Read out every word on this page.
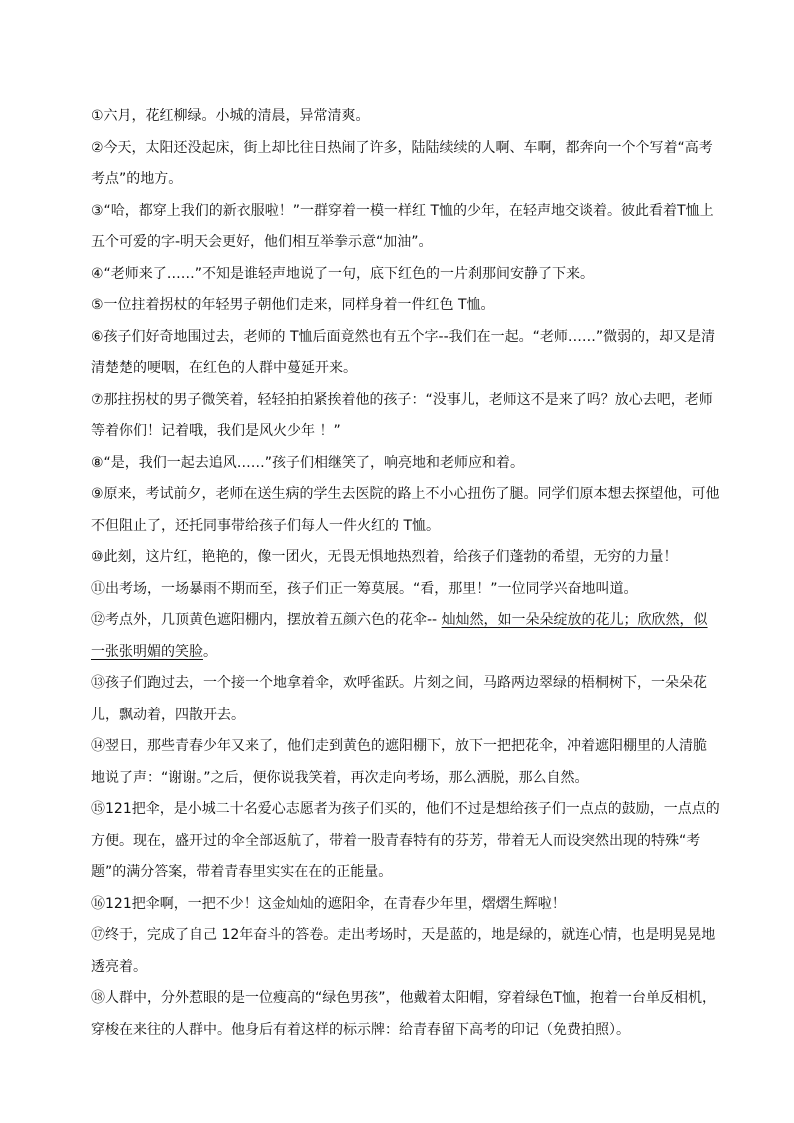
①六月，花红柳绿。小城的清晨，异常清爽。

②今天，太阳还没起床，街上却比往日热闹了许多，陆陆续续的人啊、车啊，都奔向一个个写着“高考考点”的地方。

③“哈，都穿上我们的新衣服啦！”一群穿着一模一样红 T恤的少年，在轻声地交谈着。彼此看着T恤上五个可爱的字-明天会更好，他们相互举拳示意“加油”。

④“老师来了……”不知是谁轻声地说了一句，底下红色的一片刹那间安静了下来。

⑤一位拄着拐杖的年轻男子朝他们走来，同样身着一件红色 T恤。

⑥孩子们好奇地围过去，老师的 T恤后面竟然也有五个字--我们在一起。“老师……”微弱的，却又是清清楚楚的哽咽，在红色的人群中蔓延开来。

⑦那拄拐杖的男子微笑着，轻轻拍拍紧挨着他的孩子：“没事儿，老师这不是来了吗？放心去吧，老师等着你们！记着哦，我们是风火少年 ！”

⑧“是，我们一起去追风……”孩子们相继笑了，响亮地和老师应和着。

⑨原来，考试前夕，老师在送生病的学生去医院的路上不小心扭伤了腿。同学们原本想去探望他，可他不但阻止了，还托同事带给孩子们每人一件火红的 T恤。

⑩此刻，这片红，艳艳的，像一团火，无畏无惧地热烈着，给孩子们蓬勃的希望，无穷的力量！

⑪出考场，一场暴雨不期而至，孩子们正一筹莫展。“看，那里！”一位同学兴奋地叫道。

⑫考点外，几顶黄色遮阳棚内，摆放着五颜六色的花伞-- 灿灿然，如一朵朵绽放的花儿；欣欣然，似一张张明媚的笑脸。

⑬孩子们跑过去，一个接一个地拿着伞，欢呼雀跃。片刻之间，马路两边翠绿的梧桐树下，一朵朵花儿，飘动着，四散开去。

⑭翌日，那些青春少年又来了，他们走到黄色的遮阳棚下，放下一把把花伞，冲着遮阳棚里的人清脆地说了声：“谢谢。”之后，便你说我笑着，再次走向考场，那么洒脱，那么自然。

⑮121把伞，是小城二十名爱心志愿者为孩子们买的，他们不过是想给孩子们一点点的鼓励，一点点的方便。现在，盛开过的伞全部返航了，带着一股青春特有的芬芳，带着无人而设突然出现的特殊“考题”的满分答案，带着青春里实实在在的正能量。

⑯121把伞啊，一把不少！这金灿灿的遮阳伞，在青春少年里，熠熠生辉啦！

⑰终于，完成了自己 12年奋斗的答卷。走出考场时，天是蓝的，地是绿的，就连心情，也是明晃晃地透亮着。

⑱人群中，分外惹眼的是一位瘦高的“绿色男孩”，他戴着太阳帽，穿着绿色T恤，抱着一台单反相机，穿梭在来往的人群中。他身后有着这样的标示牌：给青春留下高考的印记（免费拍照）。
